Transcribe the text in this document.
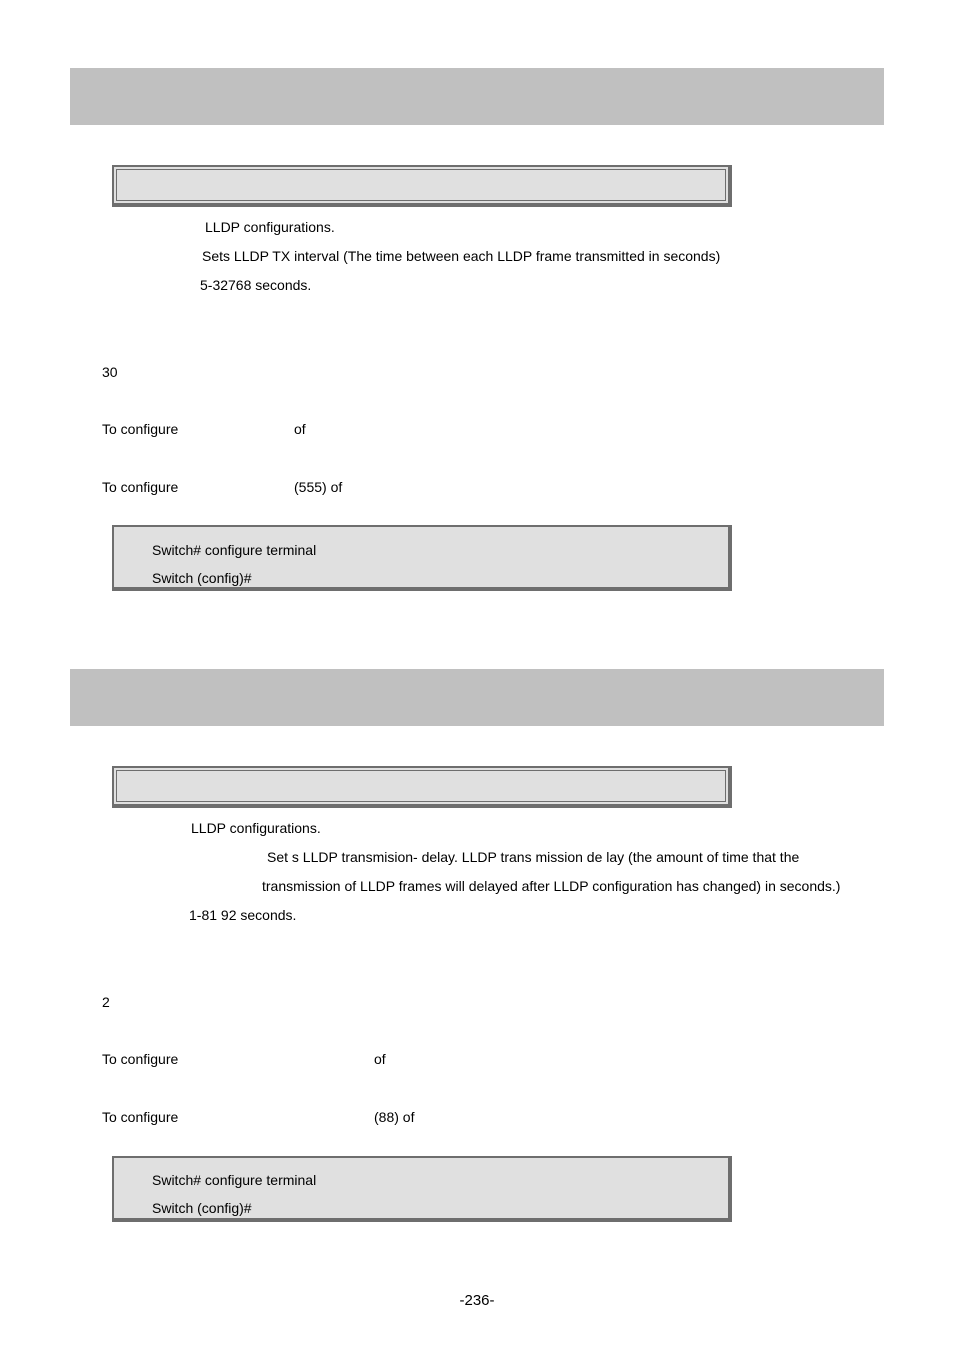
LLDP configurations.
Sets LLDP TX interval (The time between each LLDP frame transmitted in seconds)
5-32768 seconds.
30
To configure	of
To configure	(555) of
Switch# configure terminal
Switch (config)#
LLDP configurations.
Set s LLDP transmision- delay. LLDP trans mission de lay (the amount of time that the
transmission of LLDP frames will delayed after LLDP configuration has changed) in seconds.)
1-81 92 seconds.
2
To configure	of
To configure	(88) of
Switch# configure terminal
Switch (config)#
-236-
